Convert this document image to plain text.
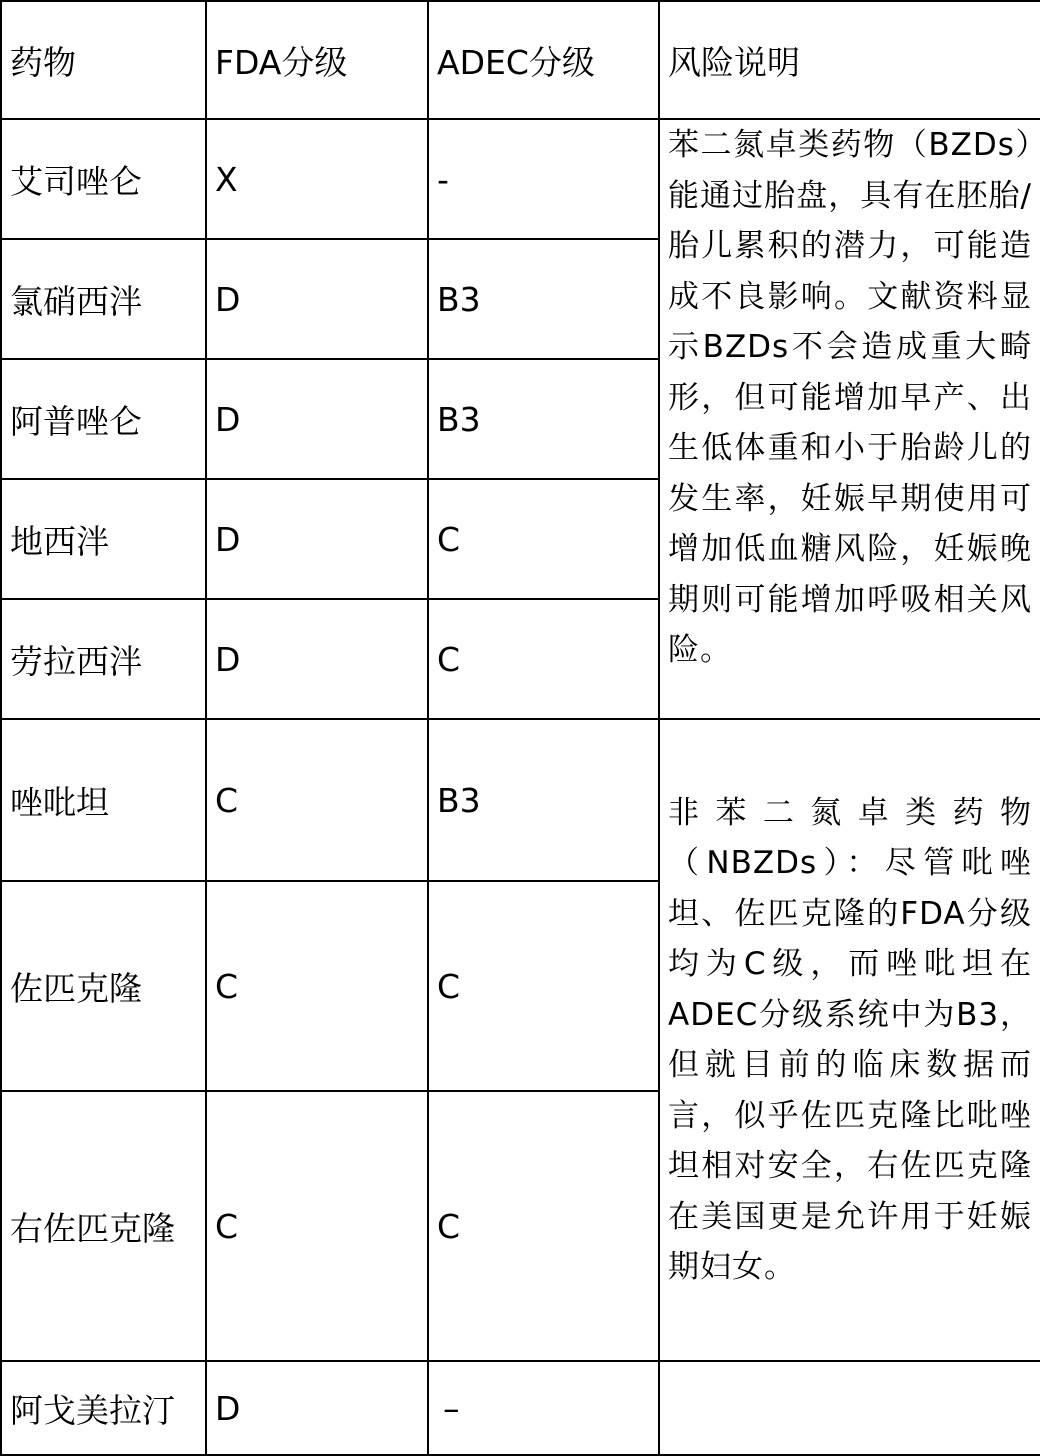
药物	FDA分级	ADEC分级	风险说明
艾司唑仑	X	-	苯二氮卓类药物（BZDs）能通过胎盘，具有在胚胎/胎儿累积的潜力，可能造成不良影响。文献资料显示BZDs不会造成重大畸形，但可能增加早产、出生低体重和小于胎龄儿的发生率，妊娠早期使用可增加低血糖风险，妊娠晚期则可能增加呼吸相关风险。
氯硝西泮	D	B3	
阿普唑仑	D	B3	
地西泮	D	C	
劳拉西泮	D	C	
唑吡坦	C	B3	非苯二氮卓类药物（NBZDs）：尽管吡唑坦、佐匹克隆的FDA分级均为C级，而唑吡坦在ADEC分级系统中为B3，但就目前的临床数据而言，似乎佐匹克隆比吡唑坦相对安全，右佐匹克隆在美国更是允许用于妊娠期妇女。
佐匹克隆	C	C	
右佐匹克隆	C	C	
阿戈美拉汀	D	–	
